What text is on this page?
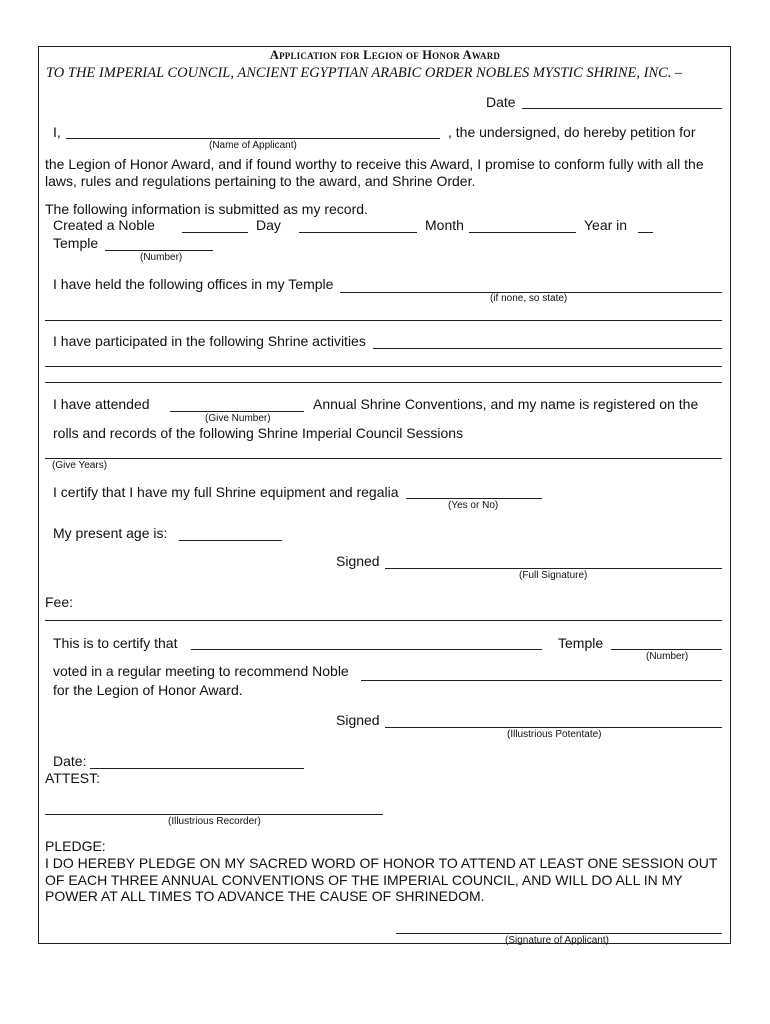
Application for Legion of Honor Award
TO THE IMPERIAL COUNCIL, ANCIENT EGYPTIAN ARABIC ORDER NOBLES MYSTIC SHRINE, INC. –
Date
I,
(Name of Applicant)
, the undersigned, do hereby petition for
the Legion of Honor Award, and if found worthy to receive this Award, I promise to conform fully with all the
laws, rules and regulations pertaining to the award, and Shrine Order.
The following information is submitted as my record.
Created a Noble	Day	Month	Year in
Temple
(Number)
I have held the following offices in my Temple
(if none, so state)
I have participated in the following Shrine activities
I have attended
(Give Number)
Annual Shrine Conventions, and my name is registered on the
rolls and records of the following Shrine Imperial Council Sessions
(Give Years)
I certify that I have my full Shrine equipment and regalia
(Yes or No)
My present age is:
Signed
(Full Signature)
Fee:
This is to certify that	Temple
(Number)
voted in a regular meeting to recommend Noble
for the Legion of Honor Award.
Signed
(Illustrious Potentate)
Date:
ATTEST:
(Illustrious Recorder)
PLEDGE:
I DO HEREBY PLEDGE ON MY SACRED WORD OF HONOR TO ATTEND AT LEAST ONE SESSION OUT
OF EACH THREE ANNUAL CONVENTIONS OF THE IMPERIAL COUNCIL, AND WILL DO ALL IN MY
POWER AT ALL TIMES TO ADVANCE THE CAUSE OF SHRINEDOM.
(Signature of Applicant)
